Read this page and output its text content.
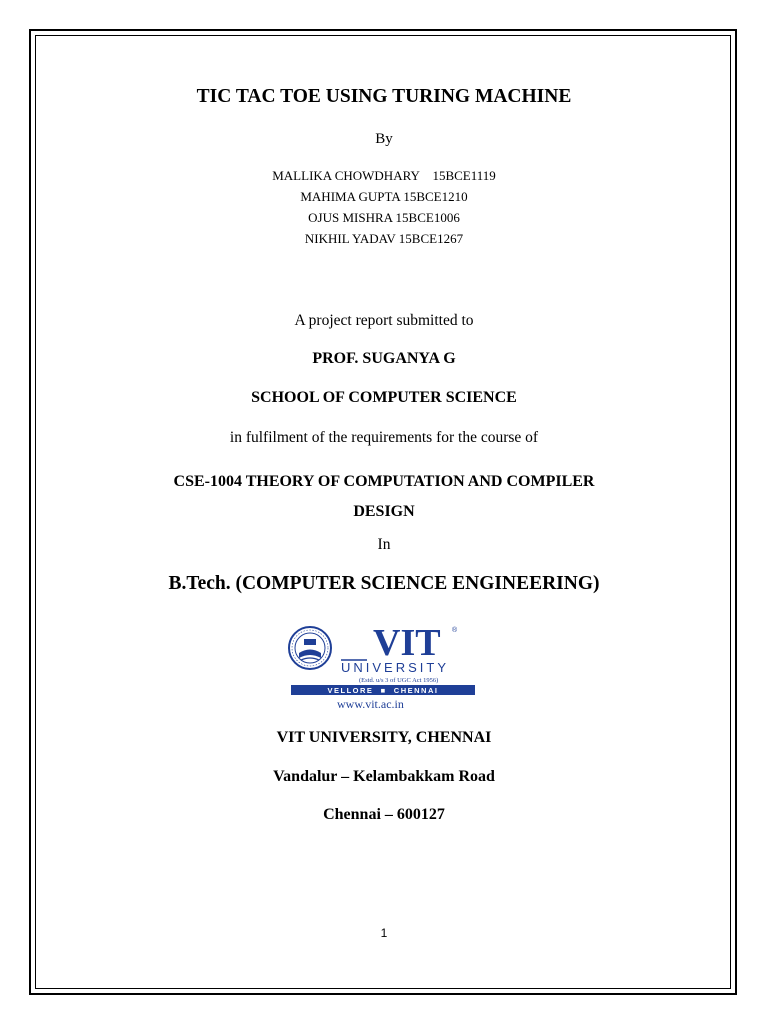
TIC TAC TOE USING TURING MACHINE
By
MALLIKA CHOWDHARY    15BCE1119
MAHIMA GUPTA 15BCE1210
OJUS MISHRA 15BCE1006
NIKHIL YADAV 15BCE1267
A project report submitted to
PROF. SUGANYA G
SCHOOL OF COMPUTER SCIENCE
in fulfilment of the requirements for the course of
CSE-1004 THEORY OF COMPUTATION AND COMPILER
DESIGN
In
B.Tech. (COMPUTER SCIENCE ENGINEERING)
VIT ®
UNIVERSITY
(Estd. u/s 3 of UGC Act 1956)
VELLORE  ■  CHENNAI
www.vit.ac.in
VIT UNIVERSITY, CHENNAI
Vandalur – Kelambakkam Road
Chennai – 600127
1
